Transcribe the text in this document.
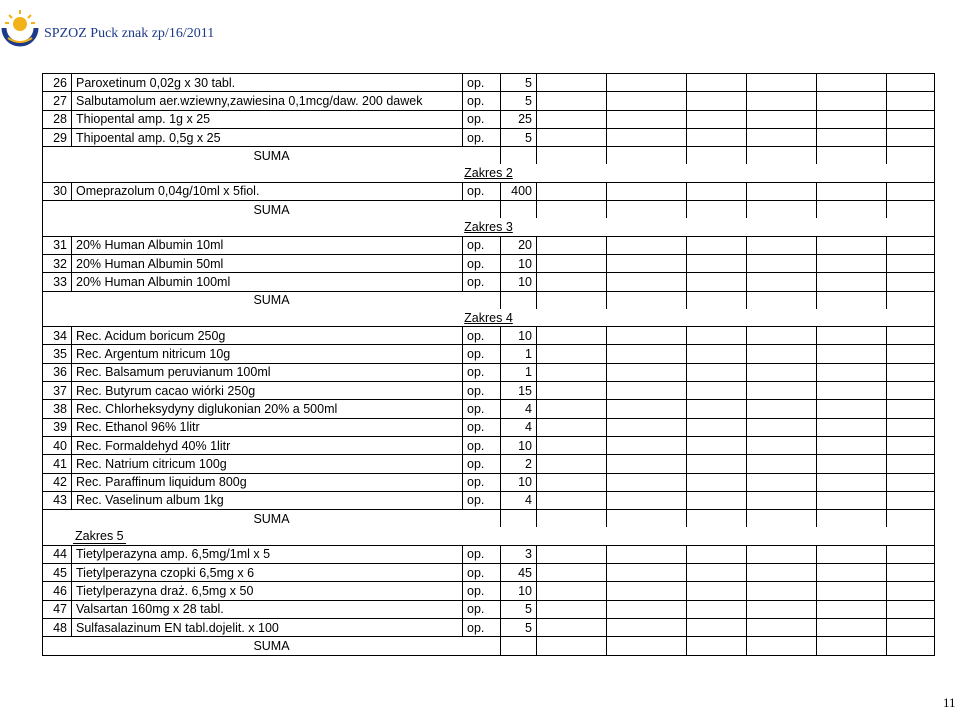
SPZOZ Puck znak zp/16/2011
26	Paroxetinum 0,02g x 30 tabl.	op.	5						
27	Salbutamolum aer.wziewny,zawiesina 0,1mcg/daw. 200 dawek	op.	5						
28	Thiopental amp. 1g x 25	op.	25						
29	Thipoental amp. 0,5g x 25	op.	5						
SUMA									
Zakres 2									
30	Omeprazolum 0,04g/10ml x 5fiol.	op.	400						
SUMA									
Zakres 3									
31	20% Human Albumin 10ml	op.	20						
32	20% Human Albumin 50ml	op.	10						
33	20% Human Albumin 100ml	op.	10						
SUMA									
Zakres 4									
34	Rec. Acidum boricum 250g	op.	10						
35	Rec. Argentum nitricum 10g	op.	1						
36	Rec. Balsamum peruvianum 100ml	op.	1						
37	Rec. Butyrum cacao wiórki 250g	op.	15						
38	Rec. Chlorheksydyny diglukonian 20% a 500ml	op.	4						
39	Rec. Ethanol 96% 1litr	op.	4						
40	Rec. Formaldehyd 40% 1litr	op.	10						
41	Rec. Natrium citricum 100g	op.	2						
42	Rec. Paraffinum liquidum 800g	op.	10						
43	Rec. Vaselinum album 1kg	op.	4						
SUMA									
Zakres 5									
44	Tietylperazyna amp. 6,5mg/1ml x 5	op.	3						
45	Tietylperazyna czopki 6,5mg x 6	op.	45						
46	Tietylperazyna draż. 6,5mg x 50	op.	10						
47	Valsartan 160mg x 28 tabl.	op.	5						
48	Sulfasalazinum EN tabl.dojelit. x 100	op.	5						
SUMA									
11
